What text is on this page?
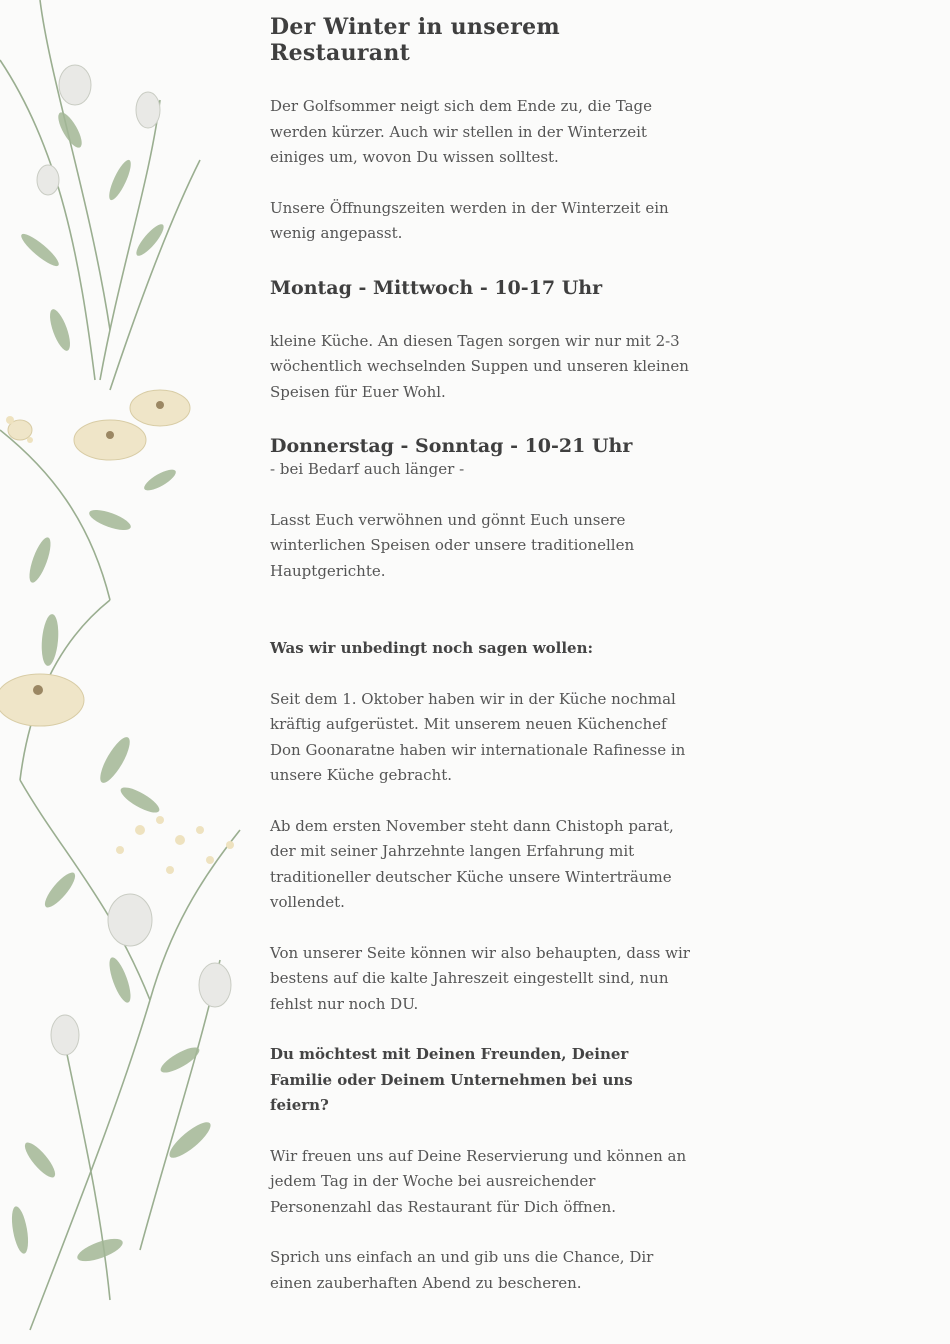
Der Winter in unserem Restaurant

Der Golfsommer neigt sich dem Ende zu, die Tage werden kürzer. Auch wir stellen in der Winterzeit einiges um, wovon Du wissen solltest.

Unsere Öffnungszeiten werden in der Winterzeit ein wenig angepasst.

Montag - Mittwoch - 10-17 Uhr

kleine Küche. An diesen Tagen sorgen wir nur mit 2-3 wöchentlich wechselnden Suppen und unseren kleinen Speisen für Euer Wohl.

Donnerstag - Sonntag - 10-21 Uhr

- bei Bedarf auch länger -

Lasst Euch verwöhnen und gönnt Euch unsere winterlichen Speisen oder unsere traditionellen Hauptgerichte.

Was wir unbedingt noch sagen wollen:

Seit dem 1. Oktober haben wir in der Küche nochmal kräftig aufgerüstet. Mit unserem neuen Küchenchef Don Goonaratne haben wir internationale Rafinesse in unsere Küche gebracht.

Ab dem ersten November steht dann Chistoph parat, der mit seiner Jahrzehnte langen Erfahrung mit traditioneller deutscher Küche unsere Winterträume vollendet.

Von unserer Seite können wir also behaupten, dass wir bestens auf die kalte Jahreszeit eingestellt sind, nun fehlst nur noch DU.

Du möchtest mit Deinen Freunden, Deiner Familie oder Deinem Unternehmen bei uns feiern?

Wir freuen uns auf Deine Reservierung und können an jedem Tag in der Woche bei ausreichender Personenzahl das Restaurant für Dich öffnen.

Sprich uns einfach an und gib uns die Chance, Dir einen zauberhaften Abend zu bescheren.
